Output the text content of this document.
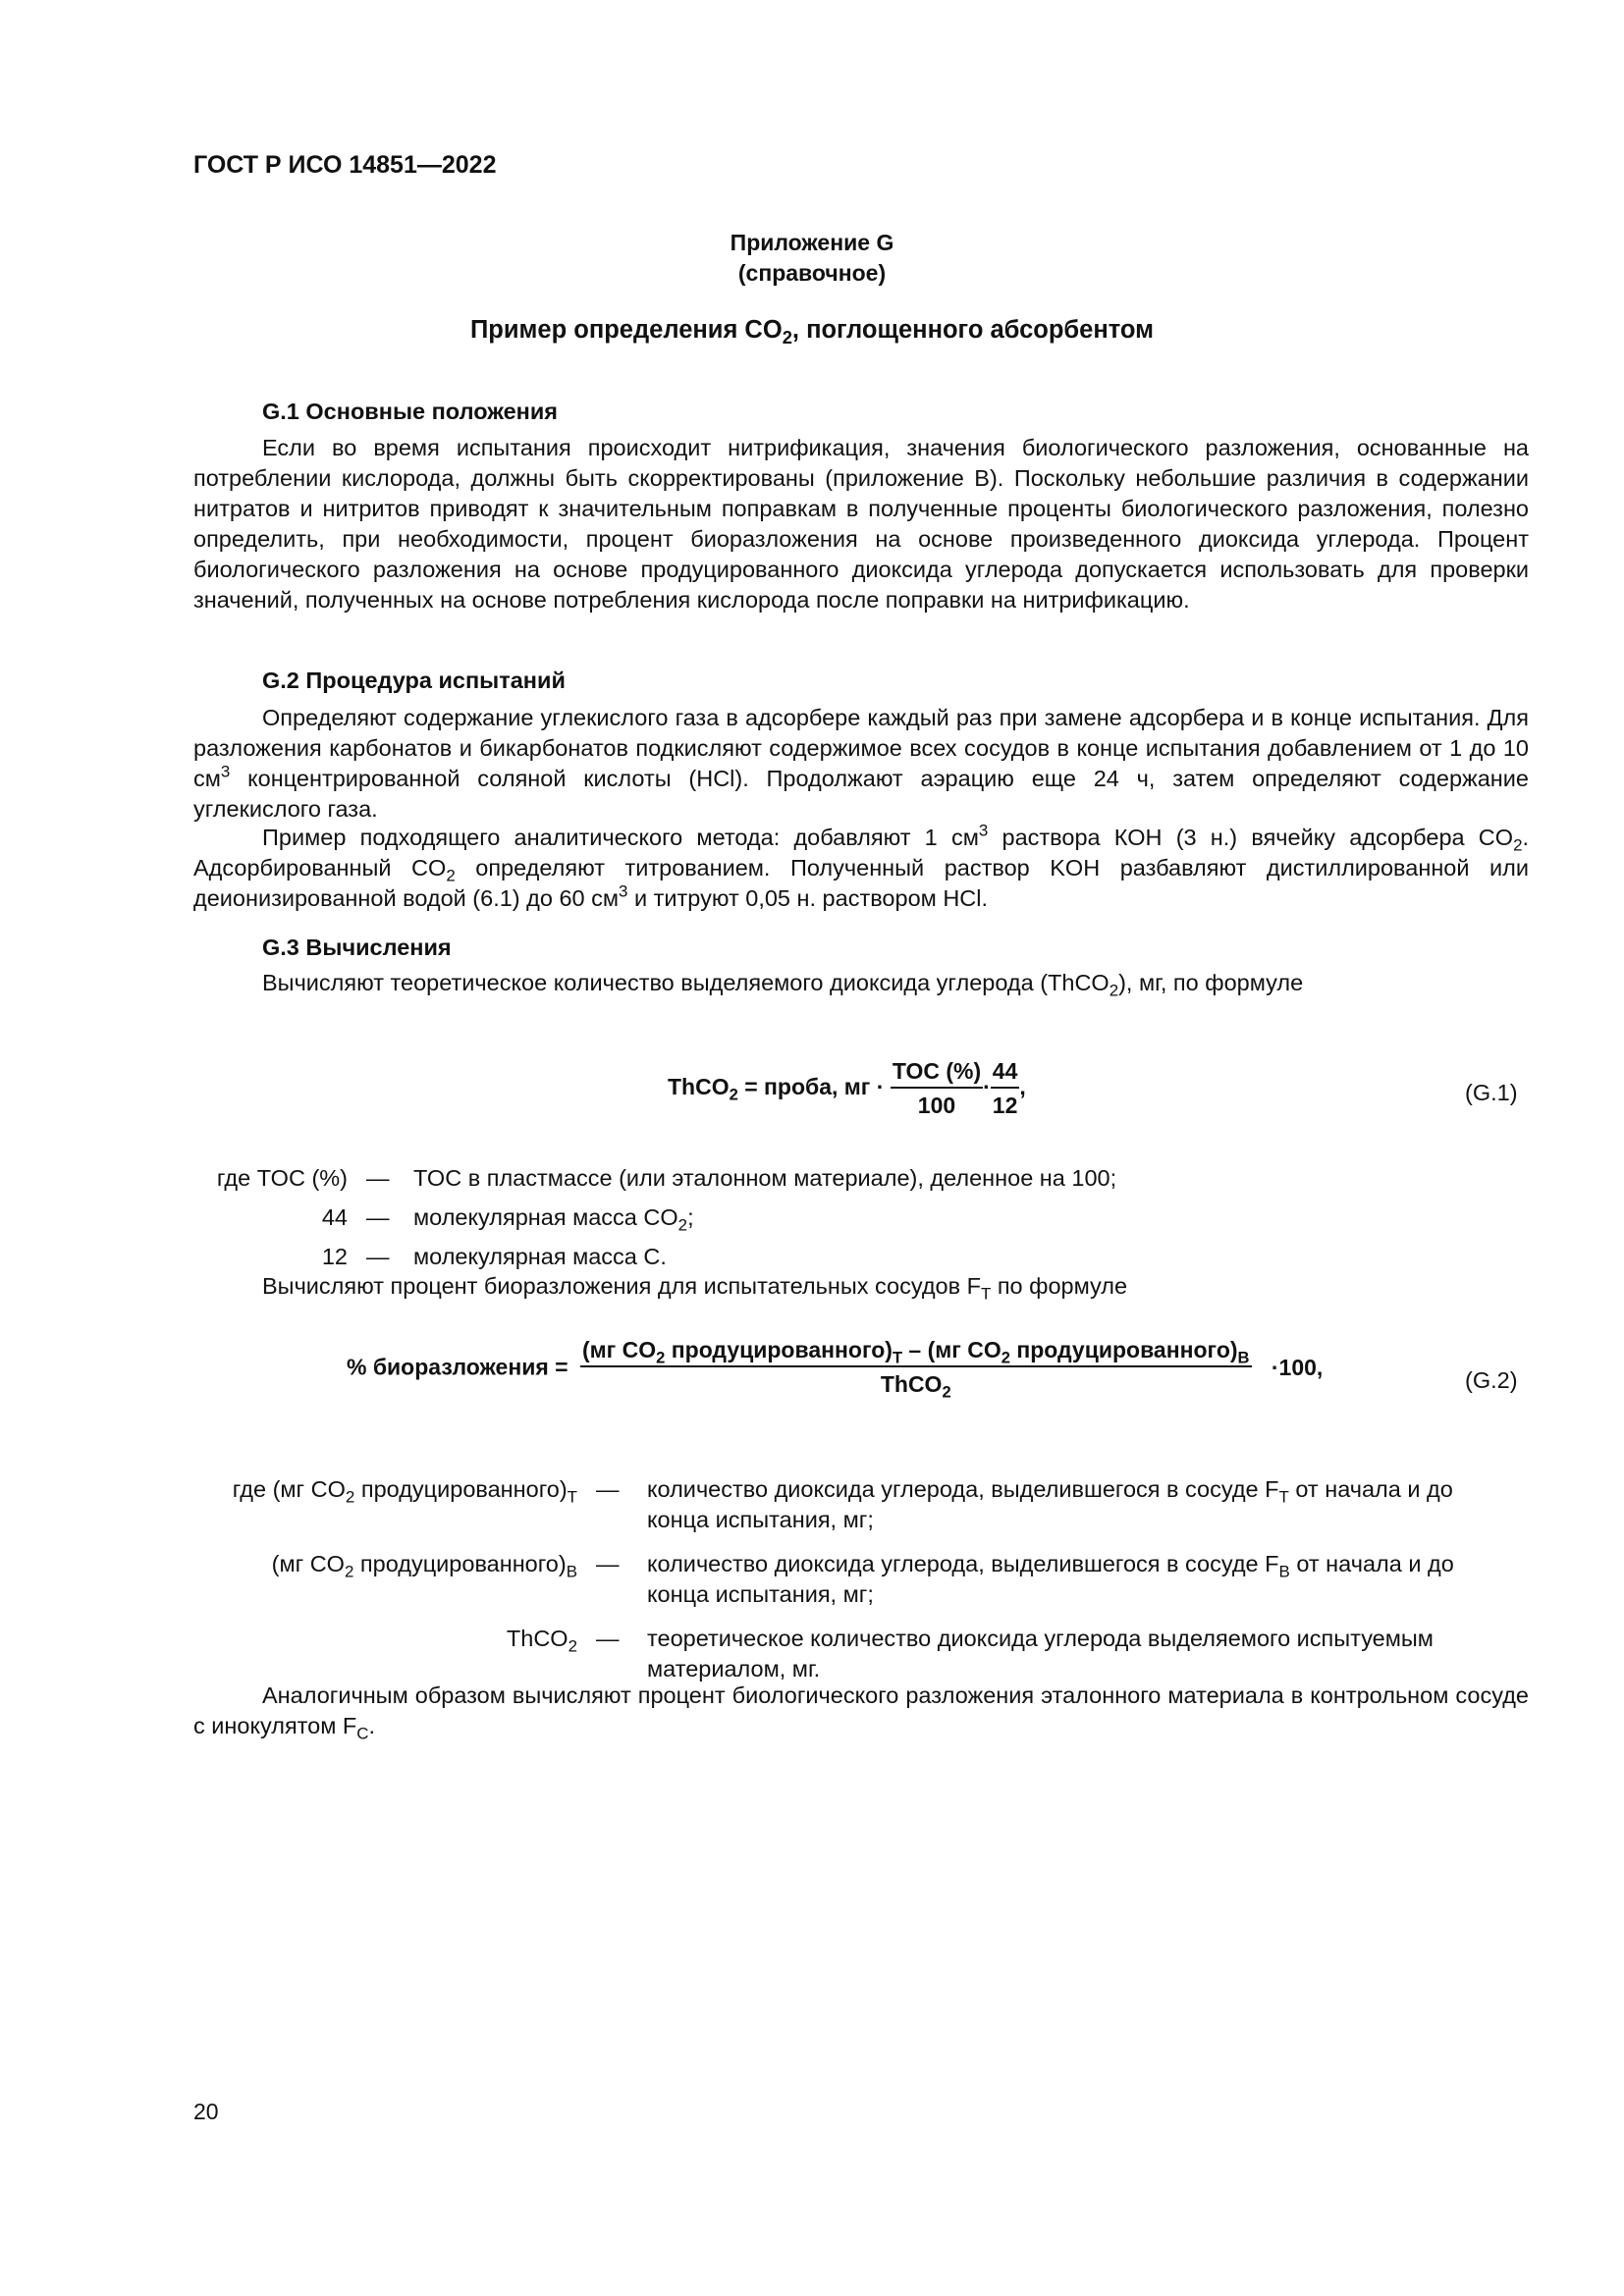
ГОСТ Р ИСО 14851—2022
Приложение G
(справочное)
Пример определения $CO_2$, поглощенного абсорбентом
G.1 Основные положения
Если во время испытания происходит нитрификация, значения биологического разложения, основанные на потреблении кислорода, должны быть скорректированы (приложение B). Поскольку небольшие различия в содержании нитратов и нитритов приводят к значительным поправкам в полученные проценты биологического разложения, полезно определить, при необходимости, процент биоразложения на основе произведенного диоксида углерода. Процент биологического разложения на основе продуцированного диоксида углерода допускается использовать для проверки значений, полученных на основе потребления кислорода после поправки на нитрификацию.
G.2 Процедура испытаний
Определяют содержание углекислого газа в адсорбере каждый раз при замене адсорбера и в конце испытания. Для разложения карбонатов и бикарбонатов подкисляют содержимое всех сосудов в конце испытания добавлением от 1 до 10 $см^3$ концентрированной соляной кислоты (HCl). Продолжают аэрацию еще 24 ч, затем определяют содержание углекислого газа.
Пример подходящего аналитического метода: добавляют 1 $см^3$ раствора КОН (3 н.) вячейку адсорбера $CO_2$. Адсорбированный $CO_2$ определяют титрованием. Полученный раствор KOH разбавляют дистиллированной или деионизированной водой (6.1) до 60 $см^3$ и титруют 0,05 н. раствором HCl.
G.3 Вычисления
Вычисляют теоретическое количество выделяемого диоксида углерода (ThCO$_2$), мг, по формуле
ThCO$_2$ = проба, мг · $\frac{\text{TOC (\%)}}{100} \cdot \frac{44}{12}$ ,	(G.1)
где TOC (%) — TOC в пластмассе (или эталонном материале), деленное на 100;
44 — молекулярная масса $CO_2$;
12 — молекулярная масса C.
Вычисляют процент биоразложения для испытательных сосудов $F_T$ по формуле
% биоразложения = $\frac{(мг CO_2 продуцированного)_T - (мг CO_2 продуцированного)_B}{ThCO_2} \cdot 100$,
(G.2)
где (мг $CO_2$ $продуцированного)_T$ — количество диоксида углерода, выделившегося в сосуде $F_T$ от начала и до
конца испытания, мг;
(мг $CO_2$ $продуцированного)_B$ — количество диоксида углерода, выделившегося в сосуде $F_B$ от начала и до
конца испытания, мг;
ThCO$_2$ — теоретическое количество диоксида углерода выделяемого испытуемым
материалом, мг.
Аналогичным образом вычисляют процент биологического разложения эталонного материала в контрольном сосуде с инокулятом $F_C$.
20
